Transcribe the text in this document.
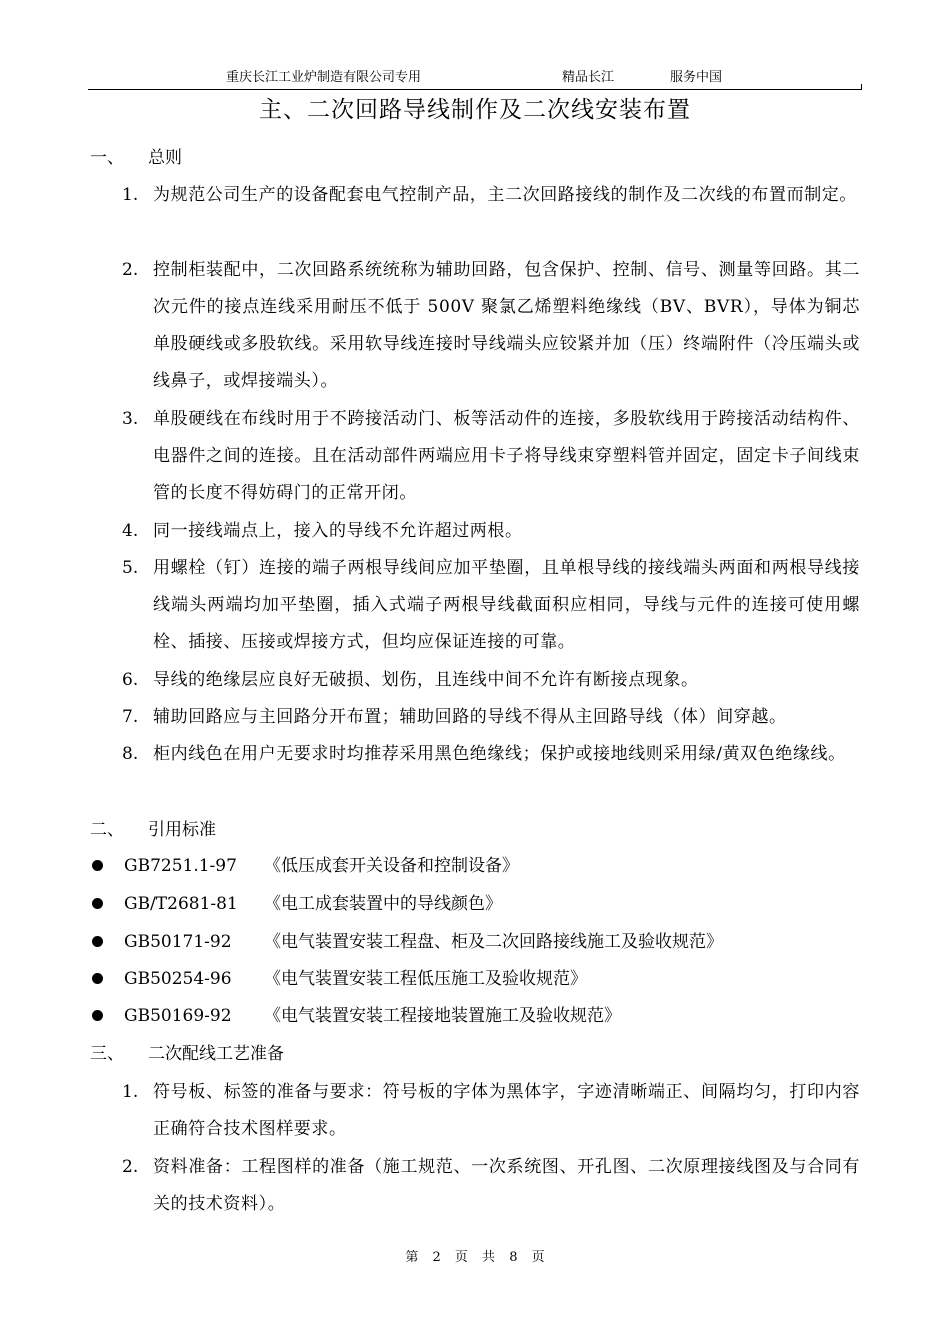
重庆长江工业炉制造有限公司专用	精品长江	服务中国
主、二次回路导线制作及二次线安装布置
一、 总则
1. 为规范公司生产的设备配套电气控制产品，主二次回路接线的制作及二次线的布置而制定。
2. 控制柜装配中，二次回路系统统称为辅助回路，包含保护、控制、信号、测量等回路。其二次元件的接点连线采用耐压不低于 500V 聚氯乙烯塑料绝缘线（BV、BVR），导体为铜芯单股硬线或多股软线。采用软导线连接时导线端头应铰紧并加（压）终端附件（冷压端头或线鼻子，或焊接端头）。
3. 单股硬线在布线时用于不跨接活动门、板等活动件的连接，多股软线用于跨接活动结构件、电器件之间的连接。且在活动部件两端应用卡子将导线束穿塑料管并固定，固定卡子间线束管的长度不得妨碍门的正常开闭。
4. 同一接线端点上，接入的导线不允许超过两根。
5. 用螺栓（钉）连接的端子两根导线间应加平垫圈，且单根导线的接线端头两面和两根导线接线端头两端均加平垫圈，插入式端子两根导线截面积应相同，导线与元件的连接可使用螺栓、插接、压接或焊接方式，但均应保证连接的可靠。
6. 导线的绝缘层应良好无破损、划伤，且连线中间不允许有断接点现象。
7. 辅助回路应与主回路分开布置；辅助回路的导线不得从主回路导线（体）间穿越。
8. 柜内线色在用户无要求时均推荐采用黑色绝缘线；保护或接地线则采用绿/黄双色绝缘线。
二、 引用标准
GB7251.1-97 《低压成套开关设备和控制设备》
GB/T2681-81 《电工成套装置中的导线颜色》
GB50171-92 《电气装置安装工程盘、柜及二次回路接线施工及验收规范》
GB50254-96 《电气装置安装工程低压施工及验收规范》
GB50169-92 《电气装置安装工程接地装置施工及验收规范》
三、 二次配线工艺准备
1. 符号板、标签的准备与要求：符号板的字体为黑体字，字迹清晰端正、间隔均匀，打印内容正确符合技术图样要求。
2. 资料准备：工程图样的准备（施工规范、一次系统图、开孔图、二次原理接线图及与合同有关的技术资料）。
第 2 页 共 8 页
